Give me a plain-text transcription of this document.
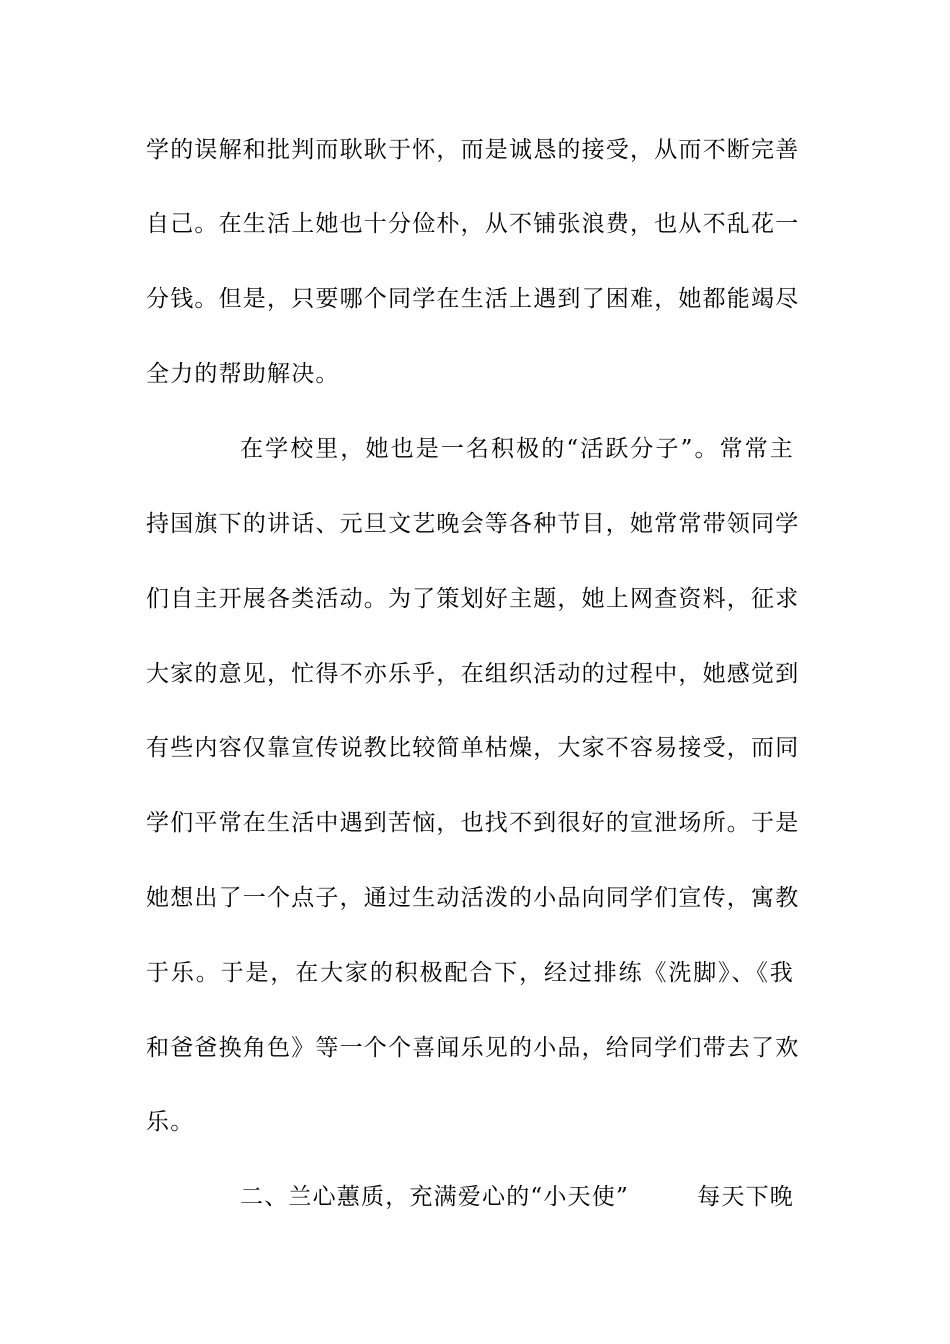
学的误解和批判而耿耿于怀，而是诚恳的接受，从而不断完善
自己。在生活上她也十分俭朴，从不铺张浪费，也从不乱花一
分钱。但是，只要哪个同学在生活上遇到了困难，她都能竭尽
全力的帮助解决。
在学校里，她也是一名积极的“活跃分子”。常常主
持国旗下的讲话、元旦文艺晚会等各种节目，她常常带领同学
们自主开展各类活动。为了策划好主题，她上网查资料，征求
大家的意见，忙得不亦乐乎，在组织活动的过程中，她感觉到
有些内容仅靠宣传说教比较简单枯燥，大家不容易接受，而同
学们平常在生活中遇到苦恼，也找不到很好的宣泄场所。于是
她想出了一个点子，通过生动活泼的小品向同学们宣传，寓教
于乐。于是，在大家的积极配合下，经过排练《洗脚》、《我
和爸爸换角色》等一个个喜闻乐见的小品，给同学们带去了欢
乐。
二、兰心蕙质，充满爱心的“小天使”	每天下晚
